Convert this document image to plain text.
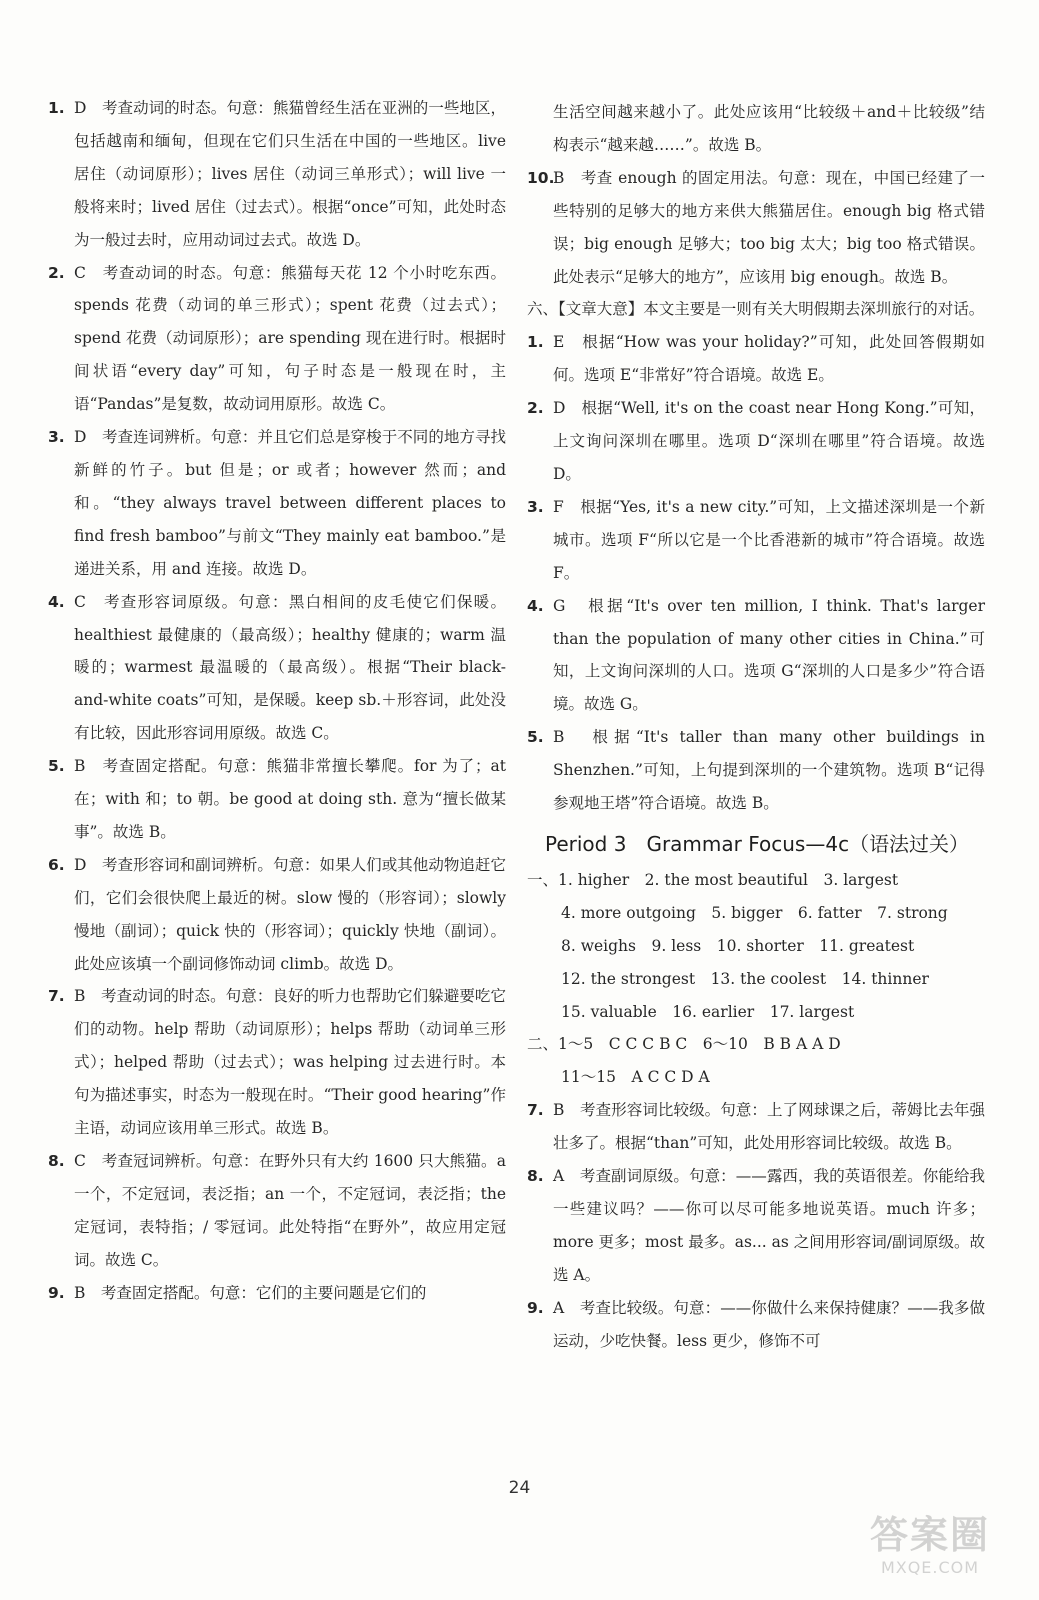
1. D　考查动词的时态。句意：熊猫曾经生活在亚洲的一些地区，包括越南和缅甸，但现在它们只生活在中国的一些地区。live 居住（动词原形）；lives 居住（动词三单形式）；will live 一般将来时；lived 居住（过去式）。根据“once”可知，此处时态为一般过去时，应用动词过去式。故选 D。
2. C　考查动词的时态。句意：熊猫每天花 12 个小时吃东西。spends 花费（动词的单三形式）；spent 花费（过去式）；spend 花费（动词原形）；are spending 现在进行时。根据时间状语“every day”可知，句子时态是一般现在时，主语“Pandas”是复数，故动词用原形。故选 C。
3. D　考查连词辨析。句意：并且它们总是穿梭于不同的地方寻找新鲜的竹子。but 但是；or 或者；however 然而；and 和。“they always travel between different places to find fresh bamboo”与前文“They mainly eat bamboo.”是递进关系，用 and 连接。故选 D。
4. C　考查形容词原级。句意：黑白相间的皮毛使它们保暖。healthiest 最健康的（最高级）；healthy 健康的；warm 温暖的；warmest 最温暖的（最高级）。根据“Their black-and-white coats”可知，是保暖。keep sb.＋形容词，此处没有比较，因此形容词用原级。故选 C。
5. B　考查固定搭配。句意：熊猫非常擅长攀爬。for 为了；at 在；with 和；to 朝。be good at doing sth. 意为“擅长做某事”。故选 B。
6. D　考查形容词和副词辨析。句意：如果人们或其他动物追赶它们，它们会很快爬上最近的树。slow 慢的（形容词）；slowly 慢地（副词）；quick 快的（形容词）；quickly 快地（副词）。此处应该填一个副词修饰动词 climb。故选 D。
7. B　考查动词的时态。句意：良好的听力也帮助它们躲避要吃它们的动物。help 帮助（动词原形）；helps 帮助（动词单三形式）；helped 帮助（过去式）；was helping 过去进行时。本句为描述事实，时态为一般现在时。“Their good hearing”作主语，动词应该用单三形式。故选 B。
8. C　考查冠词辨析。句意：在野外只有大约 1600 只大熊猫。a 一个，不定冠词，表泛指；an 一个，不定冠词，表泛指；the 定冠词，表特指；/ 零冠词。此处特指“在野外”，故应用定冠词。故选 C。
9. B　考查固定搭配。句意：它们的主要问题是它们的
生活空间越来越小了。此处应该用“比较级＋and＋比较级”结构表示“越来越……”。故选 B。
10.
B　考查 enough 的固定用法。句意：现在，中国已经建了一些特别的足够大的地方来供大熊猫居住。enough big 格式错误；big enough 足够大；too big 太大；big too 格式错误。此处表示“足够大的地方”，应该用 big enough。故选 B。
六、【文章大意】本文主要是一则有关大明假期去深圳旅行的对话。
1. E　根据“How was your holiday?”可知，此处回答假期如何。选项 E“非常好”符合语境。故选 E。
2. D　根据“Well, it's on the coast near Hong Kong.”可知，上文询问深圳在哪里。选项 D“深圳在哪里”符合语境。故选 D。
3. F　根据“Yes, it's a new city.”可知，上文描述深圳是一个新城市。选项 F“所以它是一个比香港新的城市”符合语境。故选 F。
4. G　根据“It's over ten million, I think. That's larger than the population of many other cities in China.”可知，上文询问深圳的人口。选项 G“深圳的人口是多少”符合语境。故选 G。
5. B　根据“It's taller than many other buildings in Shenzhen.”可知，上句提到深圳的一个建筑物。选项 B“记得参观地王塔”符合语境。故选 B。
Period 3　Grammar Focus—4c（语法过关）
一、1. higher　2. the most beautiful　3. largest
4. more outgoing　5. bigger　6. fatter　7. strong
8. weighs　9. less　10. shorter　11. greatest
12. the strongest　13. the coolest　14. thinner
15. valuable　16. earlier　17. largest
二、1～5　C C C B C　6～10　B B A A D
11～15　A C C D A
7. B　考查形容词比较级。句意：上了网球课之后，蒂姆比去年强壮多了。根据“than”可知，此处用形容词比较级。故选 B。
8. A　考查副词原级。句意：——露西，我的英语很差。你能给我一些建议吗？——你可以尽可能多地说英语。much 许多；more 更多；most 最多。as... as 之间用形容词/副词原级。故选 A。
9. A　考查比较级。句意：——你做什么来保持健康？——我多做运动，少吃快餐。less 更少，修饰不可
24
答案圈
MXQE.COM
